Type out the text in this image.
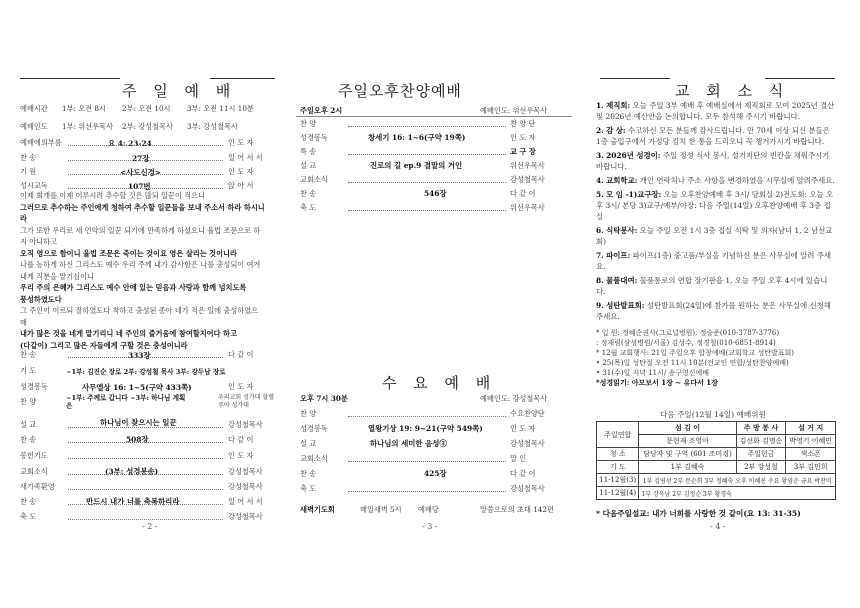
주 일 예 배
예배시간 1부: 오전 8시 2부: 오전 10시 3부: 오전 11시 10분
예배인도 1부: 위선우목사 2부: 강성철목사 3부: 강성철목사
예배에의부름	요 4: 23-24	인 도 자
찬 송	27장	일 어 서 서
기 원	<사도신경>	인 도 자
성시교독	107번	앉 아 서
이제 회개를 이제 이루시려 추수할 것은 많되 일꾼이 적으니
그러므로 추수하는 주인에게 청하여 추수할 일꾼들을 보내 주소서 하라 하시니라
그가 또한 우리로 새 언약의 일꾼 되기에 만족하게 하셨으니 율법 조문으로 하지 아니하고
오직 영으로 함이니 율법 조문은 죽이는 것이요 영은 살리는 것이니라
나를 능하게 하신 그리스도 예수 우리 주께 내가 감사함은 나를 충성되이 여겨
내게 직분을 맡기심이니
우리 주의 은혜가 그리스도 예수 안에 있는 믿음과 사랑과 함께 넘치도록
풍성하였도다
그 주인이 이르되 잘하였도다 착하고 충성된 종아 네가 적은 일에 충성하였으매
내가 많은 것을 네게 맡기리니 네 주인의 즐거움에 참여할지어다 하고
(다같이) 그리고 많은 자들에게 구할 것은 충성이니라
찬 송	333장	다 같 이
기 도	~1부: 김진순 장로 2부: 강성철 목사 3부: 강두남 장로
성경봉독	사무엘상 16: 1~5(구약 433쪽)	인 도 자
찬 양	~1부: 주께로 갑니다 ~3부: 하나님 계획은
우리교회 성가대 할렐루야 성가대
설 교	하나님이 찾으시는 일꾼	강성철목사
찬 송	508장	다 같 이
봉헌기도	인 도 자
교회소식	(3부: 성경봉송)	강성철목사
새가족환영	강성철목사
찬 송	반드시 내가 너를 축복하리라	일 어 서 서
축 도	강성철목사
- 2 -
주일오후찬양예배
주일오후 2시	예배인도: 위선우목사
찬 양	찬 양 단
성경봉독	창세기 16: 1~6(구약 19쪽)	인 도 자
특 송	교 구 장
설 교	진로의 길 ep.9 결말의 거인	위선우목사
교회소식	강성철목사
찬 송	546장	다 같 이
축 도	위선우목사
수 요 예 배
오후 7시 30분	예배인도: 강성철목사
찬 양	수요찬양단
성경봉독	열왕기상 19: 9~21(구약 549쪽)	인 도 자
설 교	하나님의 세미한 음성③	강성철목사
교회소식	말 인
찬 송	425장	다 같 이
축 도	강성철목사
새벽기도회	매일새벽 5시 예배당	말씀으로의 초대 142편
- 3 -
교 회 소 식
1. 제직회: 오늘 주일 3부 예배 후 예배실에서 제직회로 모여 2025년 결산 및 2026년 예산안을 논의합니다. 모두 참석해 주시기 바랍니다.
2. 감 상: 수고하신 모든 분들께 감사드립니다. 만 70세 이상 되신 분들은 1층 출입구에서 가정당 김치 한 통을 드리오니 꼭 챙겨가시기 바랍니다.
3. 2026년 성경이: 주일 정성 식사 봉사, 설거지단의 빈칸을 채워주시기 바랍니다.
4. 교회학교: 개인 연락처나 주소 사항을 변경하였을 시무실에 알려주세요.
5. 모 임 -1)교구장: 오늘 오후찬양예배 후 3시/ 당회실 2)전도회: 오늘 오후 3시/ 본당 3)교구/예부/야장: 다음 주일(14일) 오후찬양예배 후 3층 접실
6. 식탁봉사: 오늘 주일 오전 1시 3층 접실 식탁 및 의자(남녀 1, 2 남선교회)
7. 파이프: 파이프(1층) 중고품/부실을 기념하신 분은 사무실에 알려 주세요.
8. 물품대여: 물품통로의 연합 장기판을 1, 오늘 주일 오후 4시에 있습니다.
9. 성탄발표회: 성탄발표회(24일)에 참가를 원하는 분은 사무실에 신청해 주세요.
* 입 원: 정혜순권사(그로널병원), 정승준(010-3787-3776)
: 정재림(삼성병원/서울) 김성수, 정경철(010-6851-8914)
* 12월 교회행사: 21일 주일오후 합창예배(교회학교 성탄발표회)
• 25(목)일 성탄절 오전 11시 10분(전교인 연합/성탄찬양예배)
• 31(수)일 저녁 11시/ 송구영신예배
*성경읽기: 아모보서 1장 ~ 유다서 1장
다음 주일(12월 14일) 예배위원
주일연합	섬 김 이	주 방 봉 사	설 거 지
	문현재 조영아	김선화 김명순	박영기 이혜민
청 소	담당자 및 구역 (601 조미경)	주일헌금	색소폰
기 도	1부 김혜숙	2부 강성철	3부 김민희
11-12월(3)	1부 김영선 2부 문순희 3부 정혜숙 오후 이혜진 수요 황영순 금요 박찬미		
11-12월(4)	1부 강옥남 2부 김정순 3부 황경숙		
* 다음주일설교: 내가 너희를 사랑한 것 같이(요 13: 31-35)
- 4 -
